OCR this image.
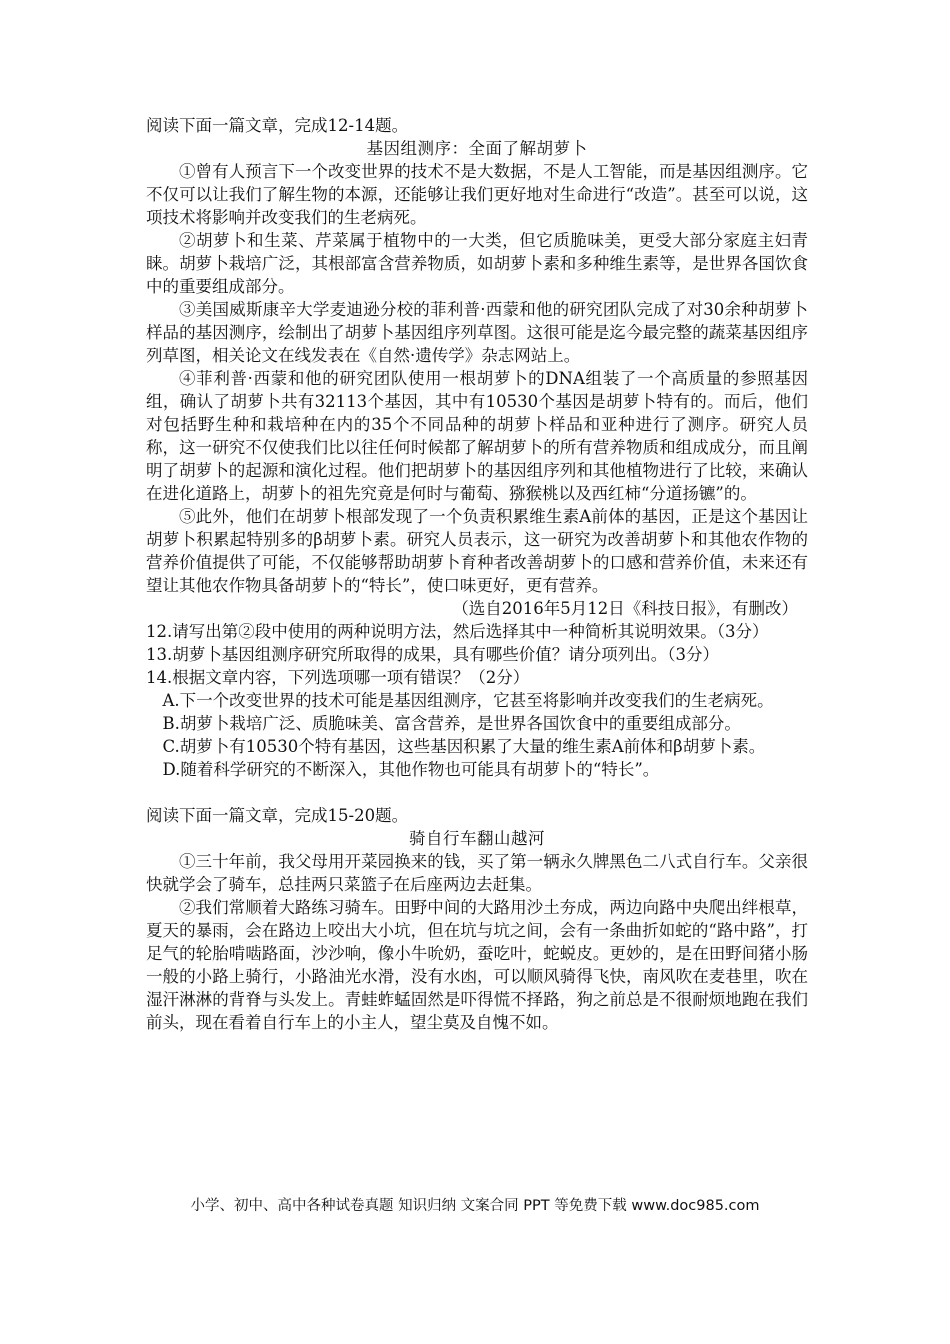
阅读下面一篇文章，完成12-14题。
基因组测序：全面了解胡萝卜

①曾有人预言下一个改变世界的技术不是大数据，不是人工智能，而是基因组测序。它不仅可以让我们了解生物的本源，还能够让我们更好地对生命进行“改造”。甚至可以说，这项技术将影响并改变我们的生老病死。

②胡萝卜和生菜、芹菜属于植物中的一大类，但它质脆味美，更受大部分家庭主妇青睐。胡萝卜栽培广泛，其根部富含营养物质，如胡萝卜素和多种维生素等，是世界各国饮食中的重要组成部分。

③美国威斯康辛大学麦迪逊分校的菲利普·西蒙和他的研究团队完成了对30余种胡萝卜样品的基因测序，绘制出了胡萝卜基因组序列草图。这很可能是迄今最完整的蔬菜基因组序列草图，相关论文在线发表在《自然·遗传学》杂志网站上。

④菲利普·西蒙和他的研究团队使用一根胡萝卜的DNA组装了一个高质量的参照基因组，确认了胡萝卜共有32113个基因，其中有10530个基因是胡萝卜特有的。而后，他们对包括野生种和栽培种在内的35个不同品种的胡萝卜样品和亚种进行了测序。研究人员称，这一研究不仅使我们比以往任何时候都了解胡萝卜的所有营养物质和组成成分，而且阐明了胡萝卜的起源和演化过程。他们把胡萝卜的基因组序列和其他植物进行了比较，来确认在进化道路上，胡萝卜的祖先究竟是何时与葡萄、猕猴桃以及西红柿“分道扬镳”的。

⑤此外，他们在胡萝卜根部发现了一个负责积累维生素A前体的基因，正是这个基因让胡萝卜积累起特别多的β胡萝卜素。研究人员表示，这一研究为改善胡萝卜和其他农作物的营养价值提供了可能，不仅能够帮助胡萝卜育种者改善胡萝卜的口感和营养价值，未来还有望让其他农作物具备胡萝卜的“特长”，使口味更好，更有营养。

（选自2016年5月12日《科技日报》，有删改）

12.请写出第②段中使用的两种说明方法，然后选择其中一种简析其说明效果。（3分）

13.胡萝卜基因组测序研究所取得的成果，具有哪些价值？请分项列出。（3分）

14.根据文章内容，下列选项哪一项有错误？（2分）

A.下一个改变世界的技术可能是基因组测序，它甚至将影响并改变我们的生老病死。

B.胡萝卜栽培广泛、质脆味美、富含营养，是世界各国饮食中的重要组成部分。

C.胡萝卜有10530个特有基因，这些基因积累了大量的维生素A前体和β胡萝卜素。

D.随着科学研究的不断深入，其他作物也可能具有胡萝卜的“特长”。

阅读下面一篇文章，完成15-20题。
骑自行车翻山越河

①三十年前，我父母用开菜园换来的钱，买了第一辆永久牌黑色二八式自行车。父亲很快就学会了骑车，总挂两只菜篮子在后座两边去赶集。

②我们常顺着大路练习骑车。田野中间的大路用沙土夯成，两边向路中央爬出绊根草，夏天的暴雨，会在路边上咬出大小坑，但在坑与坑之间，会有一条曲折如蛇的“路中路”，打足气的轮胎啃啮路面，沙沙响，像小牛吮奶，蚕吃叶，蛇蜕皮。更妙的，是在田野间猪小肠一般的小路上骑行，小路油光水滑，没有水凼，可以顺风骑得飞快，南风吹在麦巷里，吹在湿汗淋淋的背脊与头发上。青蛙蚱蜢固然是吓得慌不择路，狗之前总是不很耐烦地跑在我们前头，现在看着自行车上的小主人，望尘莫及自愧不如。

小学、初中、高中各种试卷真题 知识归纳 文案合同 PPT 等免费下载 www.doc985.com
